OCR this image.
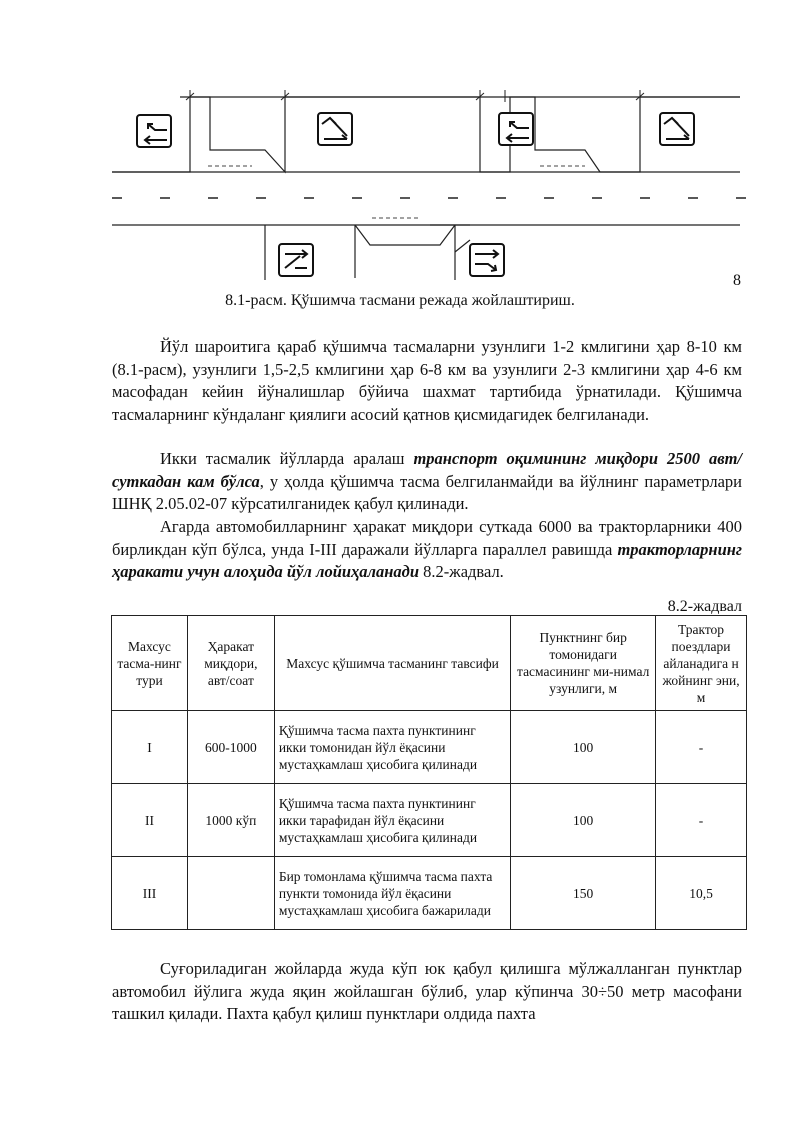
8
8.1-расм. Қўшимча тасмани режада жойлаштириш.

Йўл шароитига қараб қўшимча тасмаларни узунлиги 1-2 кмлигини ҳар 8-10 км (8.1-расм), узунлиги 1,5-2,5 кмлигини ҳар 6-8 км ва узунлиги 2-3 кмлигини ҳар 4-6 км масофадан кейин йўналишлар бўйича шахмат тартибида ўрнатилади. Қўшимча тасмаларнинг кўндаланг қиялиги асосий қатнов қисмидагидек белгиланади.

Икки тасмалик йўлларда аралаш транспорт оқимининг миқдори 2500 авт/суткадан кам бўлса, у ҳолда қўшимча тасма белгиланмайди ва йўлнинг параметрлари ШНҚ 2.05.02-07 кўрсатилганидек қабул қилинади.

Агарда автомобилларнинг ҳаракат миқдори суткада 6000 ва тракторларники 400 бирликдан кўп бўлса, унда I-III даражали йўлларга параллел равишда тракторларнинг ҳаракати учун алоҳида йўл лойиҳаланади 8.2-жадвал.

8.2-жадвал
Махсус тасма-нинг тури	Ҳаракат миқдори, авт/соат	Махсус қўшимча тасманинг тавсифи	Пунктнинг бир томонидаги тасмасининг ми-нимал узунлиги, м	Трактор поездлари айланадига н жойнинг эни, м
I	600-1000	Қўшимча тасма пахта пунктининг икки томонидан йўл ёқасини мустаҳкамлаш ҳисобига қилинади	100	-
II	1000 кўп	Қўшимча тасма пахта пунктининг икки тарафидан йўл ёқасини мустаҳкамлаш ҳисобига қилинади	100	-
III		Бир томонлама қўшимча тасма пахта пункти томонида йўл ёқасини мустаҳкамлаш ҳисобига бажарилади	150	10,5

Суғориладиган жойларда жуда кўп юк қабул қилишга мўлжалланган пунктлар автомобил йўлига жуда яқин жойлашган бўлиб, улар кўпинча 30÷50 метр масофани ташкил қилади. Пахта қабул қилиш пунктлари олдида пахта
